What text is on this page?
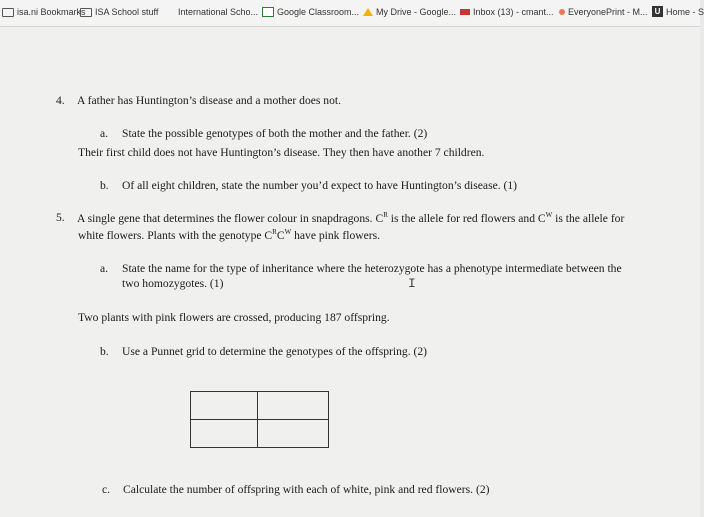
isa.ni Bookmarks ISA School stuff International Scho... Google Classroom... My Drive - Google... Inbox (13) - cmant... EveryonePrint - M... U Home - S
4. A father has Huntington’s disease and a mother does not.
a. State the possible genotypes of both the mother and the father. (2)
Their first child does not have Huntington’s disease. They then have another 7 children.
b. Of all eight children, state the number you’d expect to have Huntington’s disease. (1)
5. A single gene that determines the flower colour in snapdragons. $C^R$ is the allele for red flowers and $C^W$ is the allele for
white flowers. Plants with the genotype $C^RC^W$ have pink flowers.
a. State the name for the type of inheritance where the heterozygote has a phenotype intermediate between the
two homozygotes. (1)	I
Two plants with pink flowers are crossed, producing 187 offspring.
b. Use a Punnet grid to determine the genotypes of the offspring. (2)
c. Calculate the number of offspring with each of white, pink and red flowers. (2)
